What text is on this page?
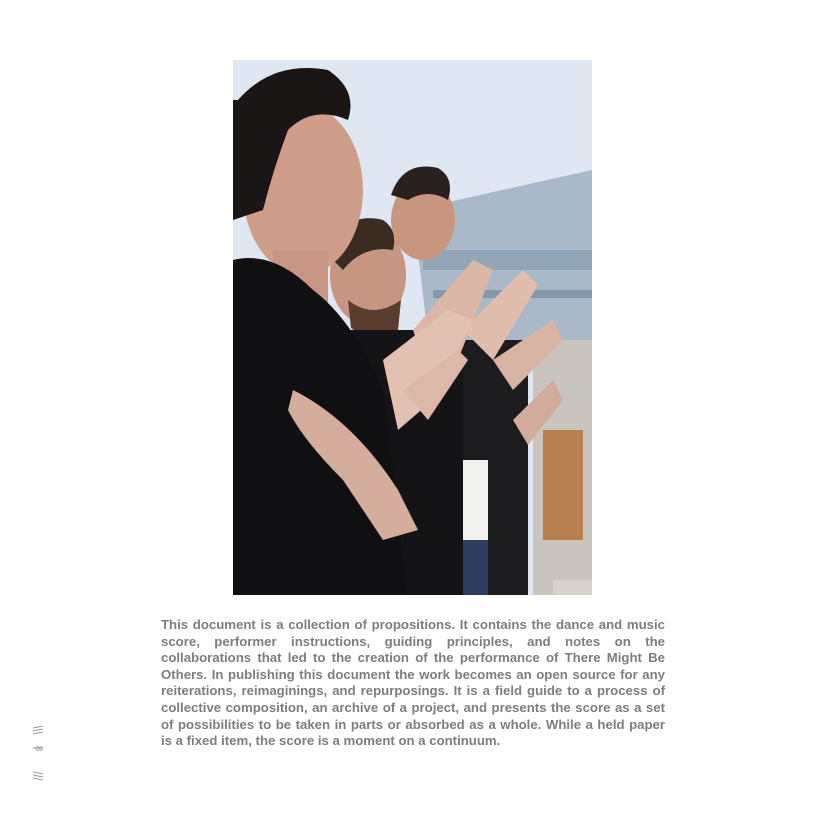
This document is a collection of propositions. It contains the dance and music score, performer instructions, guiding principles, and notes on the collaborations that led to the creation of the performance of There Might Be Others. In publishing this document the work becomes an open source for any reiterations, reimaginings, and repurposings. It is a field guide to a process of collective composition, an archive of a project, and presents the score as a set of possibilities to be taken in parts or absorbed as a whole. While a held paper is a fixed item, the score is a moment on a continuum.

8
